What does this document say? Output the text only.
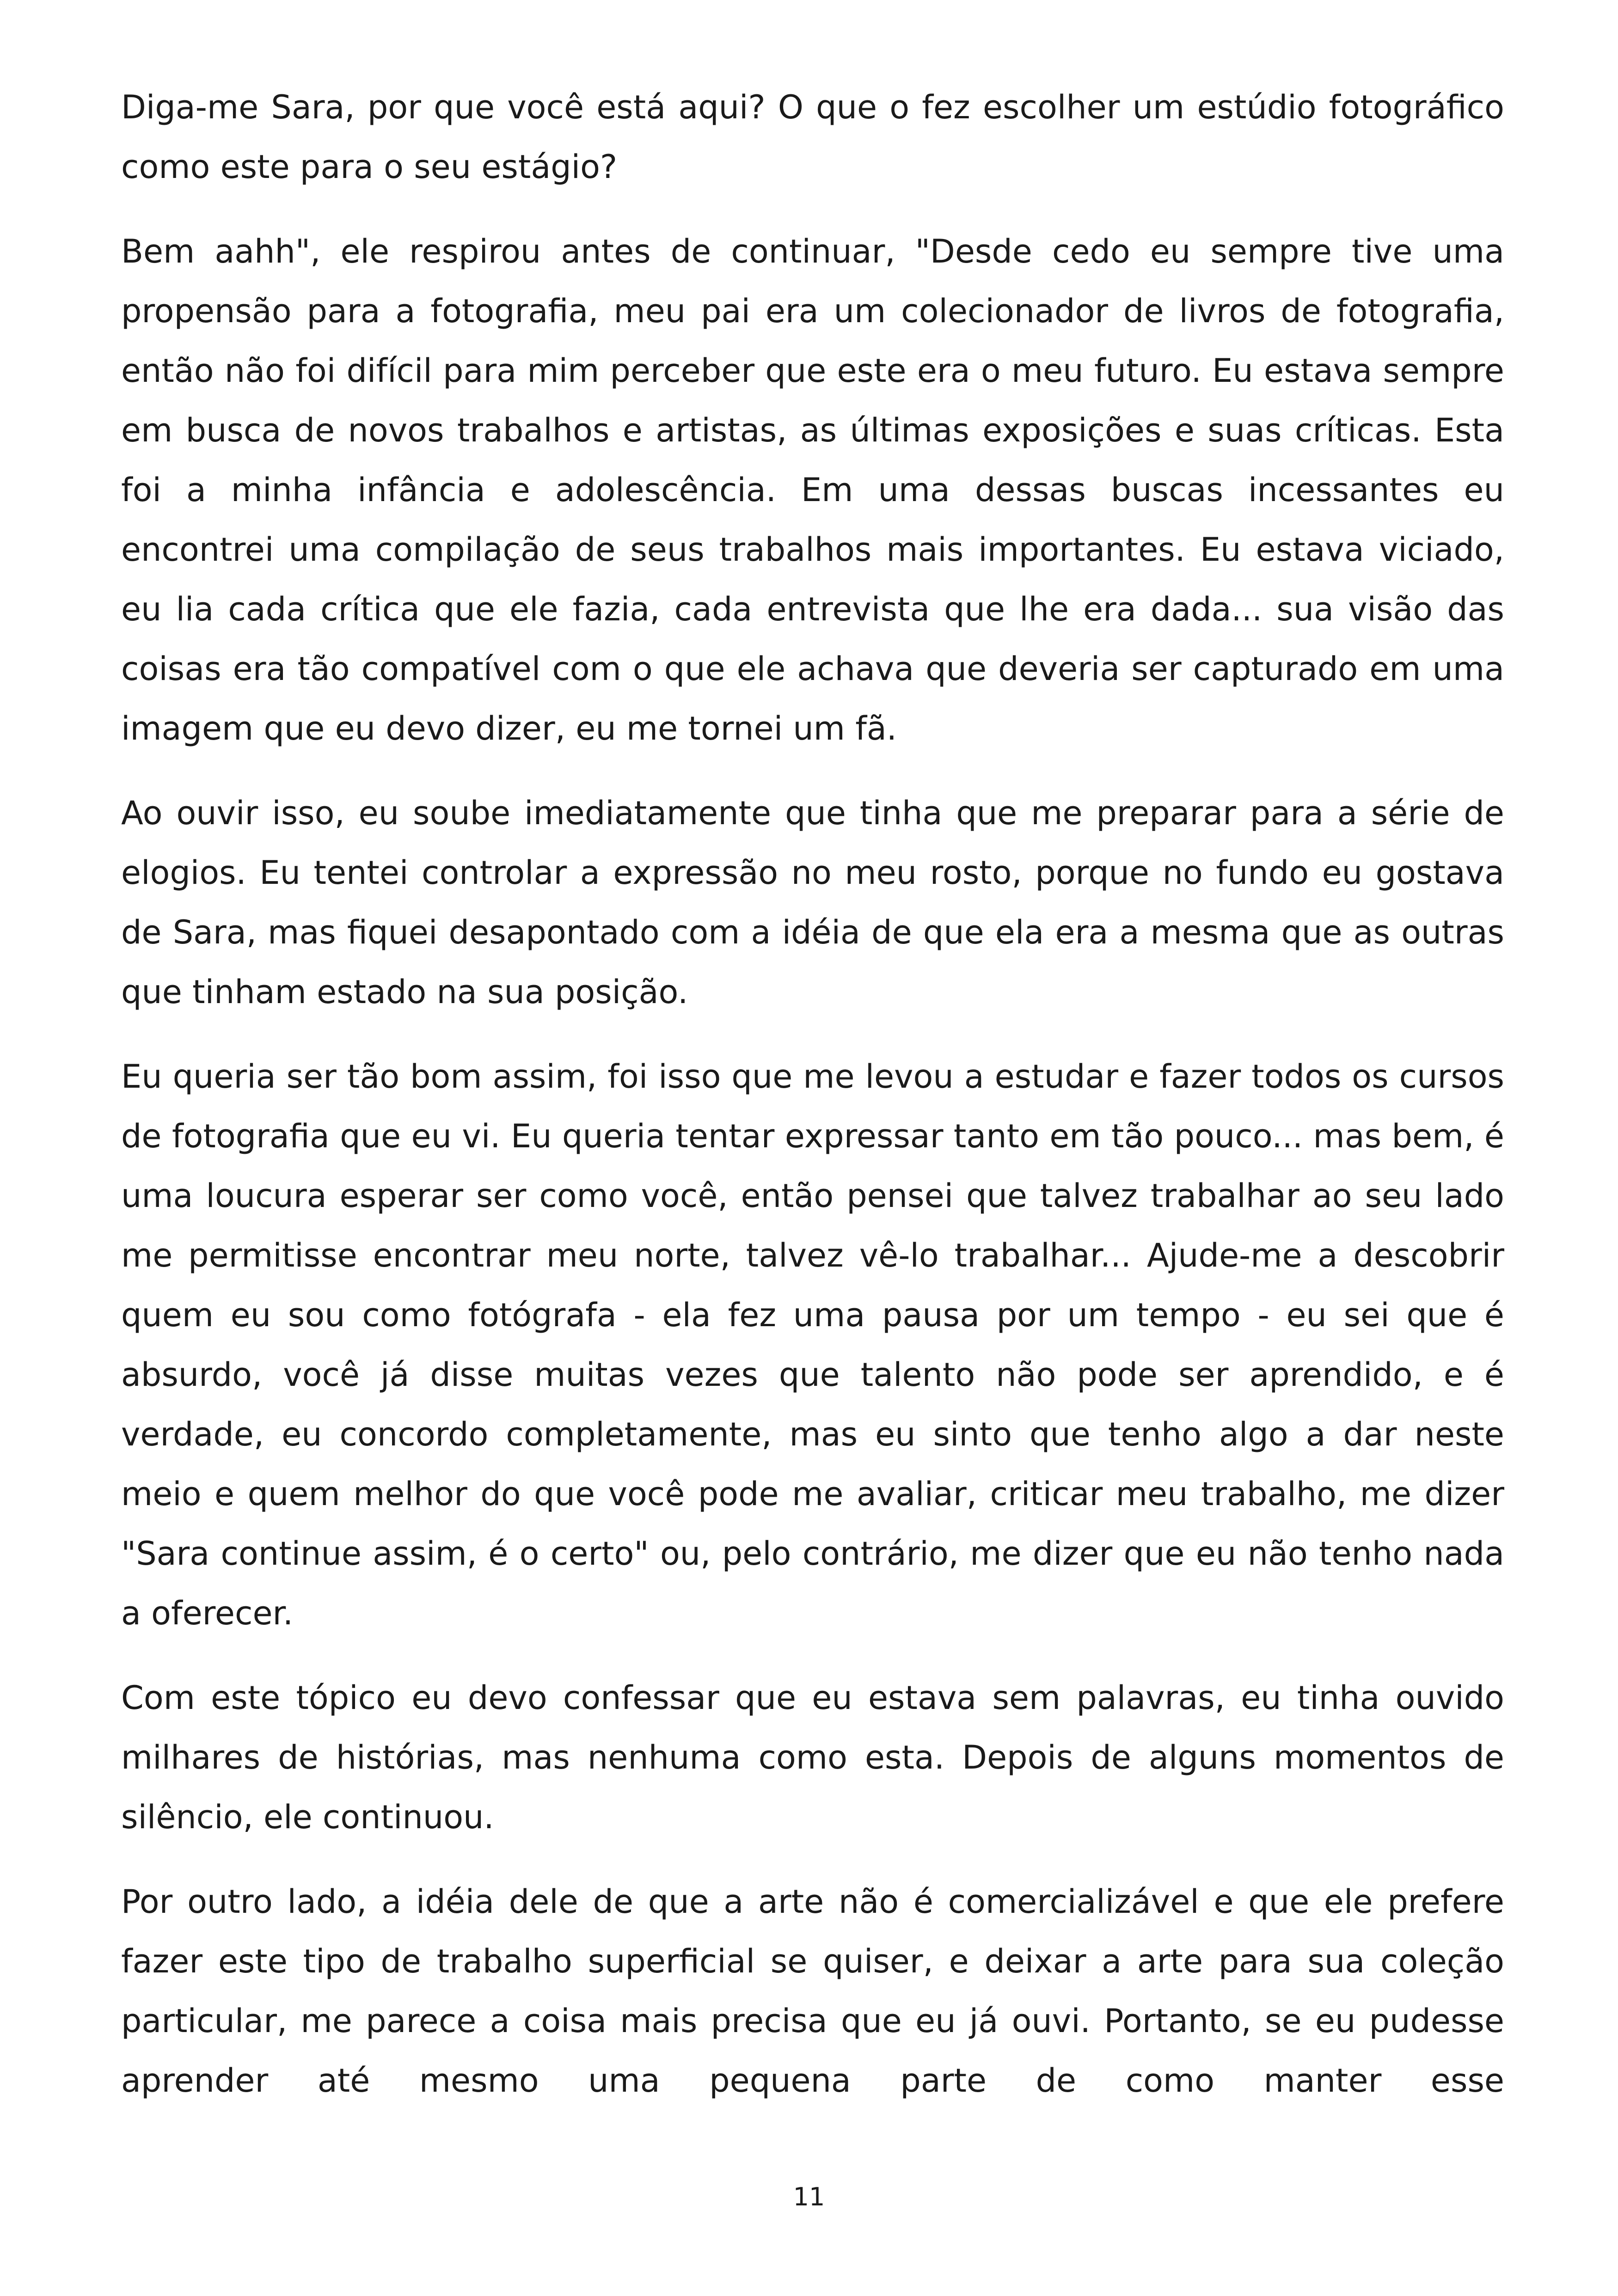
Diga-me Sara, por que você está aqui? O que o fez escolher um estúdio fotográfico como este para o seu estágio?

Bem aahh", ele respirou antes de continuar, "Desde cedo eu sempre tive uma propensão para a fotografia, meu pai era um colecionador de livros de fotografia, então não foi difícil para mim perceber que este era o meu futuro. Eu estava sempre em busca de novos trabalhos e artistas, as últimas exposições e suas críticas. Esta foi a minha infância e adolescência. Em uma dessas buscas incessantes eu encontrei uma compilação de seus trabalhos mais importantes. Eu estava viciado, eu lia cada crítica que ele fazia, cada entrevista que lhe era dada... sua visão das coisas era tão compatível com o que ele achava que deveria ser capturado em uma imagem que eu devo dizer, eu me tornei um fã.

Ao ouvir isso, eu soube imediatamente que tinha que me preparar para a série de elogios. Eu tentei controlar a expressão no meu rosto, porque no fundo eu gostava de Sara, mas fiquei desapontado com a idéia de que ela era a mesma que as outras que tinham estado na sua posição.

Eu queria ser tão bom assim, foi isso que me levou a estudar e fazer todos os cursos de fotografia que eu vi. Eu queria tentar expressar tanto em tão pouco... mas bem, é uma loucura esperar ser como você, então pensei que talvez trabalhar ao seu lado me permitisse encontrar meu norte, talvez vê-lo trabalhar... Ajude-me a descobrir quem eu sou como fotógrafa - ela fez uma pausa por um tempo - eu sei que é absurdo, você já disse muitas vezes que talento não pode ser aprendido, e é verdade, eu concordo completamente, mas eu sinto que tenho algo a dar neste meio e quem melhor do que você pode me avaliar, criticar meu trabalho, me dizer "Sara continue assim, é o certo" ou, pelo contrário, me dizer que eu não tenho nada a oferecer.

Com este tópico eu devo confessar que eu estava sem palavras, eu tinha ouvido milhares de histórias, mas nenhuma como esta. Depois de alguns momentos de silêncio, ele continuou.

Por outro lado, a idéia dele de que a arte não é comercializável e que ele prefere fazer este tipo de trabalho superficial se quiser, e deixar a arte para sua coleção particular, me parece a coisa mais precisa que eu já ouvi. Portanto, se eu pudesse aprender até mesmo uma pequena parte de como manter esse

11
